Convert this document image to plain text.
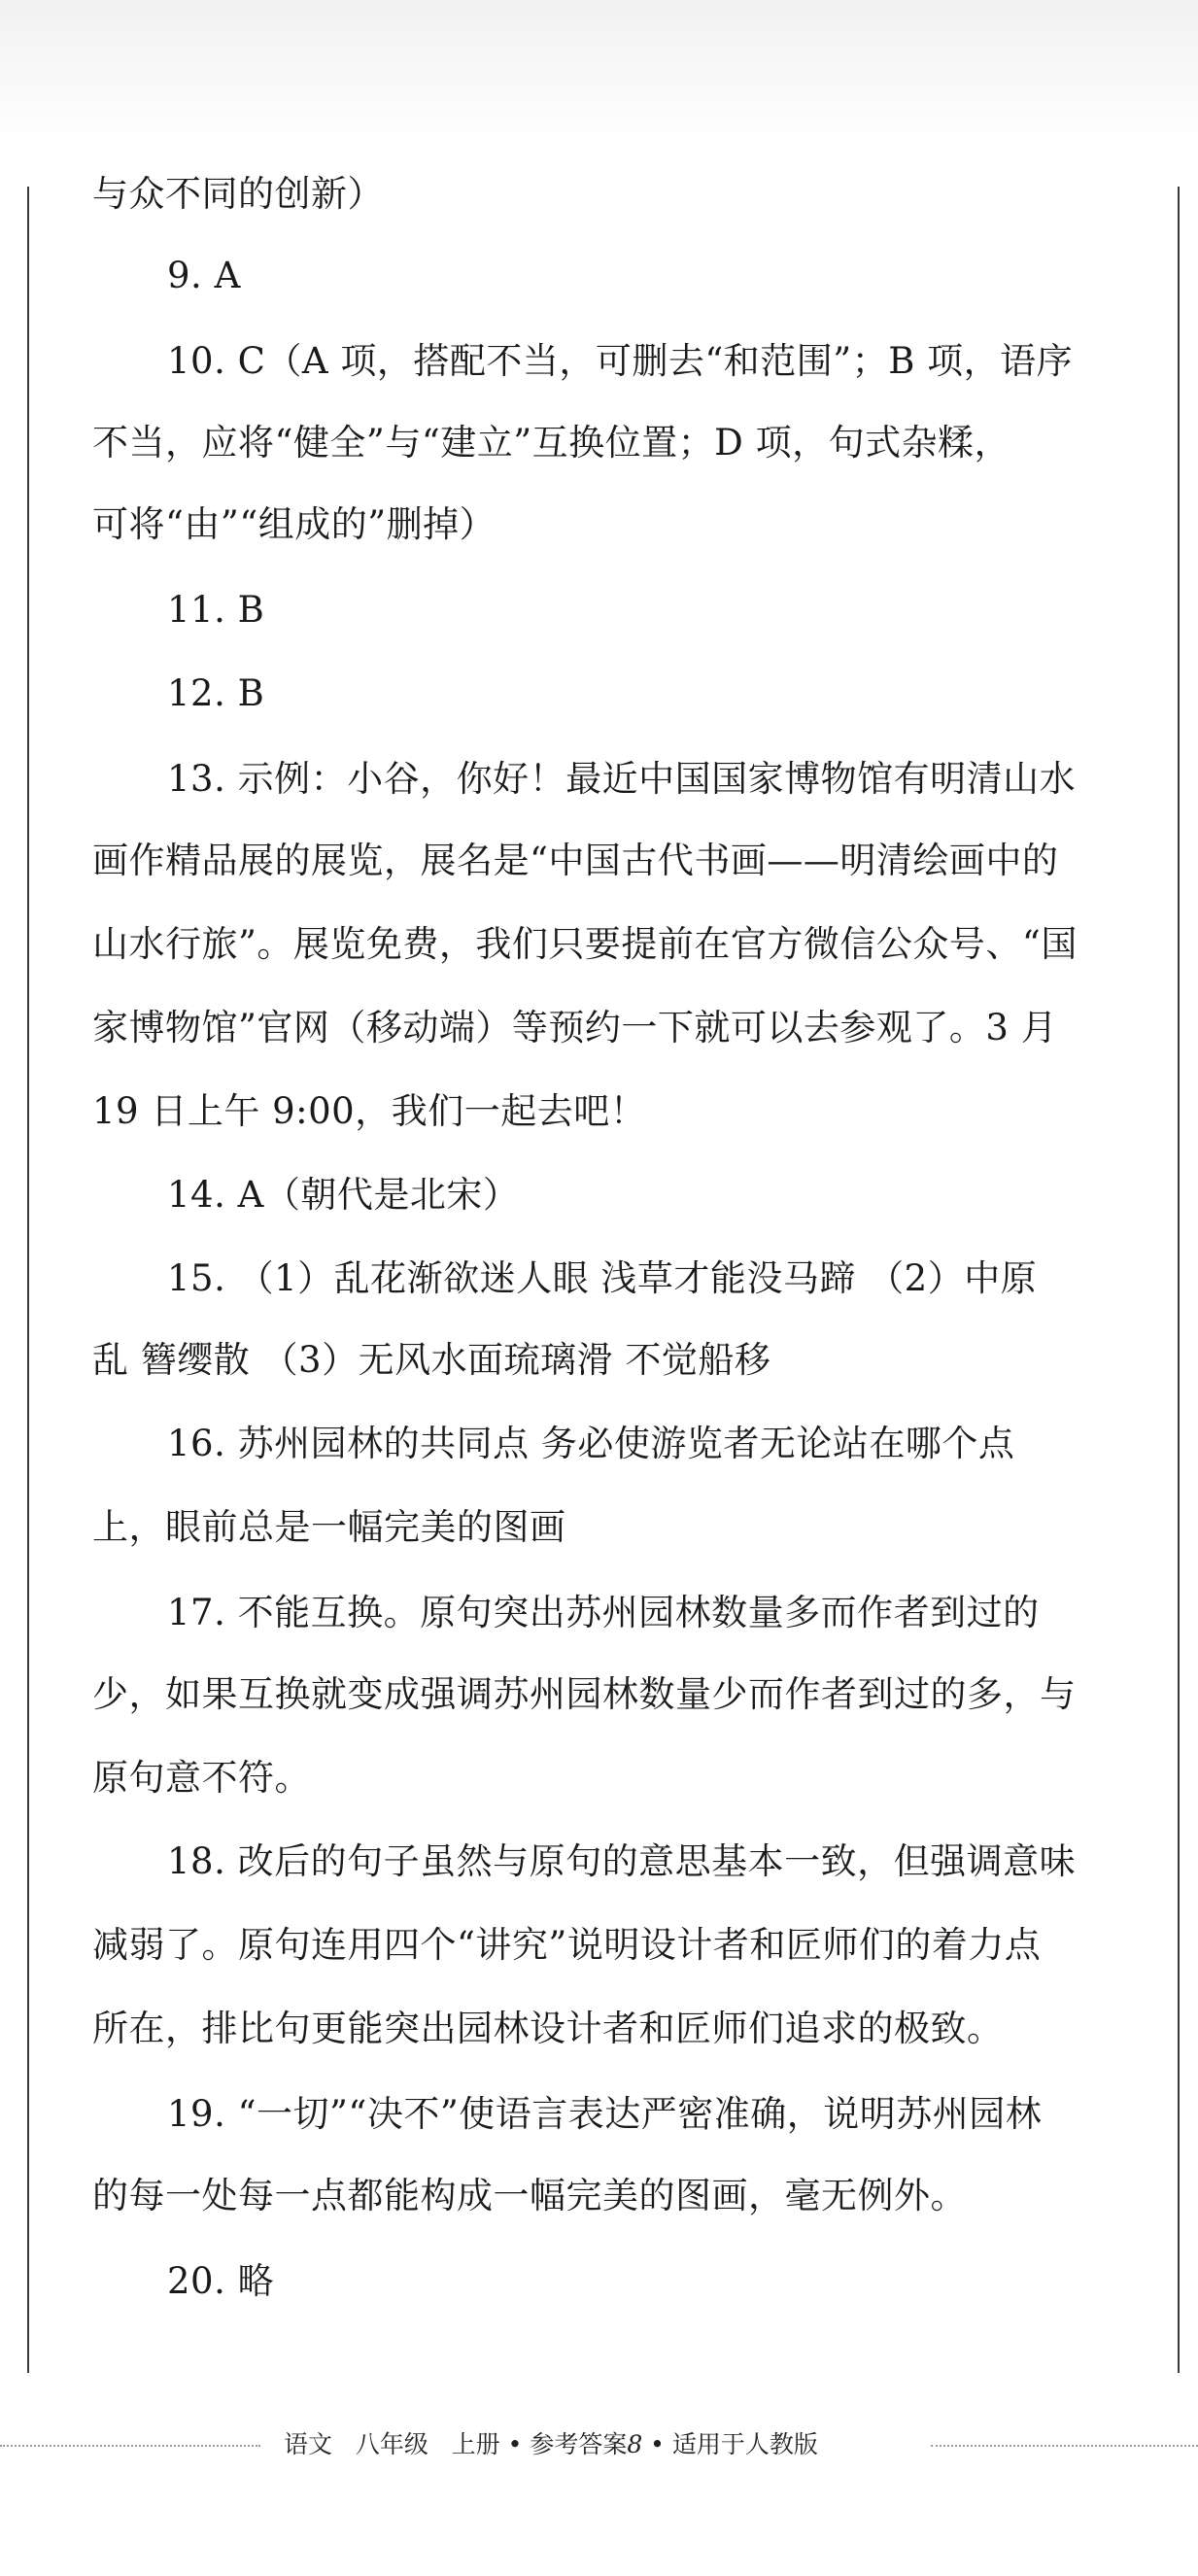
与众不同的创新）
9. A
10. C（A 项，搭配不当，可删去“和范围”；B 项，语序
不当，应将“健全”与“建立”互换位置；D 项，句式杂糅，
可将“由”“组成的”删掉）
11. B
12. B
13. 示例：小谷，你好！最近中国国家博物馆有明清山水
画作精品展的展览，展名是“中国古代书画——明清绘画中的
山水行旅”。展览免费，我们只要提前在官方微信公众号、“国
家博物馆”官网（移动端）等预约一下就可以去参观了。3 月
19 日上午 9:00，我们一起去吧！
14. A（朝代是北宋）
15. （1）乱花渐欲迷人眼 浅草才能没马蹄 （2）中原
乱 簪缨散 （3）无风水面琉璃滑 不觉船移
16. 苏州园林的共同点 务必使游览者无论站在哪个点
上，眼前总是一幅完美的图画
17. 不能互换。原句突出苏州园林数量多而作者到过的
少，如果互换就变成强调苏州园林数量少而作者到过的多，与
原句意不符。
18. 改后的句子虽然与原句的意思基本一致，但强调意味
减弱了。原句连用四个“讲究”说明设计者和匠师们的着力点
所在，排比句更能突出园林设计者和匠师们追求的极致。
19. “一切”“决不”使语言表达严密准确，说明苏州园林
的每一处每一点都能构成一幅完美的图画，毫无例外。
20. 略
语文   八年级   上册 • 参考答案8 • 适用于人教版
